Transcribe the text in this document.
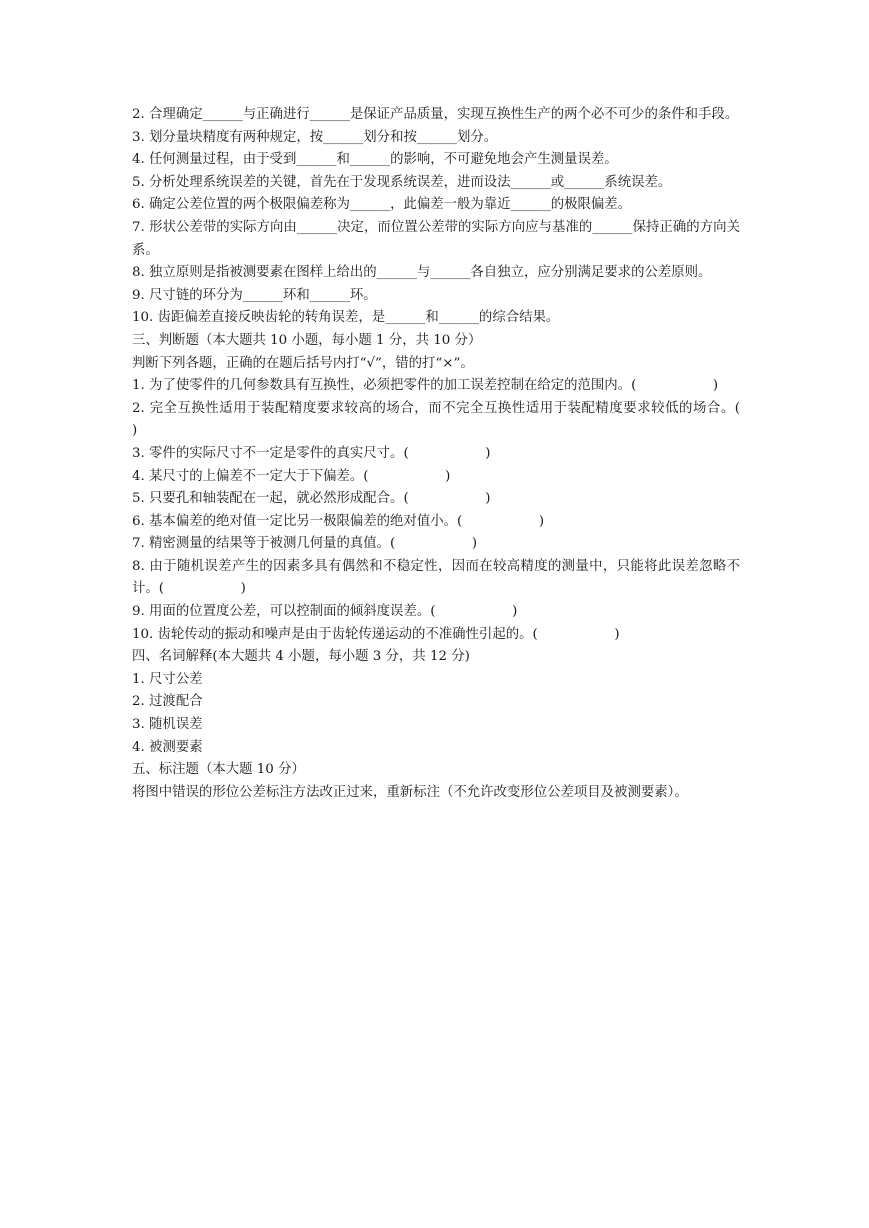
2. 合理确定______与正确进行______是保证产品质量，实现互换性生产的两个必不可少的条件和手段。

3. 划分量块精度有两种规定，按______划分和按______划分。

4. 任何测量过程，由于受到______和______的影响，不可避免地会产生测量误差。

5. 分析处理系统误差的关键，首先在于发现系统误差，进而设法______或______系统误差。

6. 确定公差位置的两个极限偏差称为______，此偏差一般为靠近______的极限偏差。

7. 形状公差带的实际方向由______决定，而位置公差带的实际方向应与基准的______保持正确的方向关系。

8. 独立原则是指被测要素在图样上给出的______与______各自独立，应分别满足要求的公差原则。

9. 尺寸链的环分为______环和______环。

10. 齿距偏差直接反映齿轮的转角误差，是______和______的综合结果。

三、判断题（本大题共 10 小题，每小题 1 分，共 10 分）

判断下列各题，正确的在题后括号内打“√”，错的打“×”。

1. 为了使零件的几何参数具有互换性，必须把零件的加工误差控制在给定的范围内。(                  )

2. 完全互换性适用于装配精度要求较高的场合，而不完全互换性适用于装配精度要求较低的场合。(                  )

3. 零件的实际尺寸不一定是零件的真实尺寸。(                  )

4. 某尺寸的上偏差不一定大于下偏差。(                  )

5. 只要孔和轴装配在一起，就必然形成配合。(                  )

6. 基本偏差的绝对值一定比另一极限偏差的绝对值小。(                  )

7. 精密测量的结果等于被测几何量的真值。(                  )

8. 由于随机误差产生的因素多具有偶然和不稳定性，因而在较高精度的测量中，只能将此误差忽略不计。(                  )

9. 用面的位置度公差，可以控制面的倾斜度误差。(                  )

10. 齿轮传动的振动和噪声是由于齿轮传递运动的不准确性引起的。(                  )

四、名词解释(本大题共 4 小题，每小题 3 分，共 12 分)

1. 尺寸公差

2. 过渡配合

3. 随机误差

4. 被测要素

五、标注题（本大题 10 分）

将图中错误的形位公差标注方法改正过来，重新标注（不允许改变形位公差项目及被测要素）。
